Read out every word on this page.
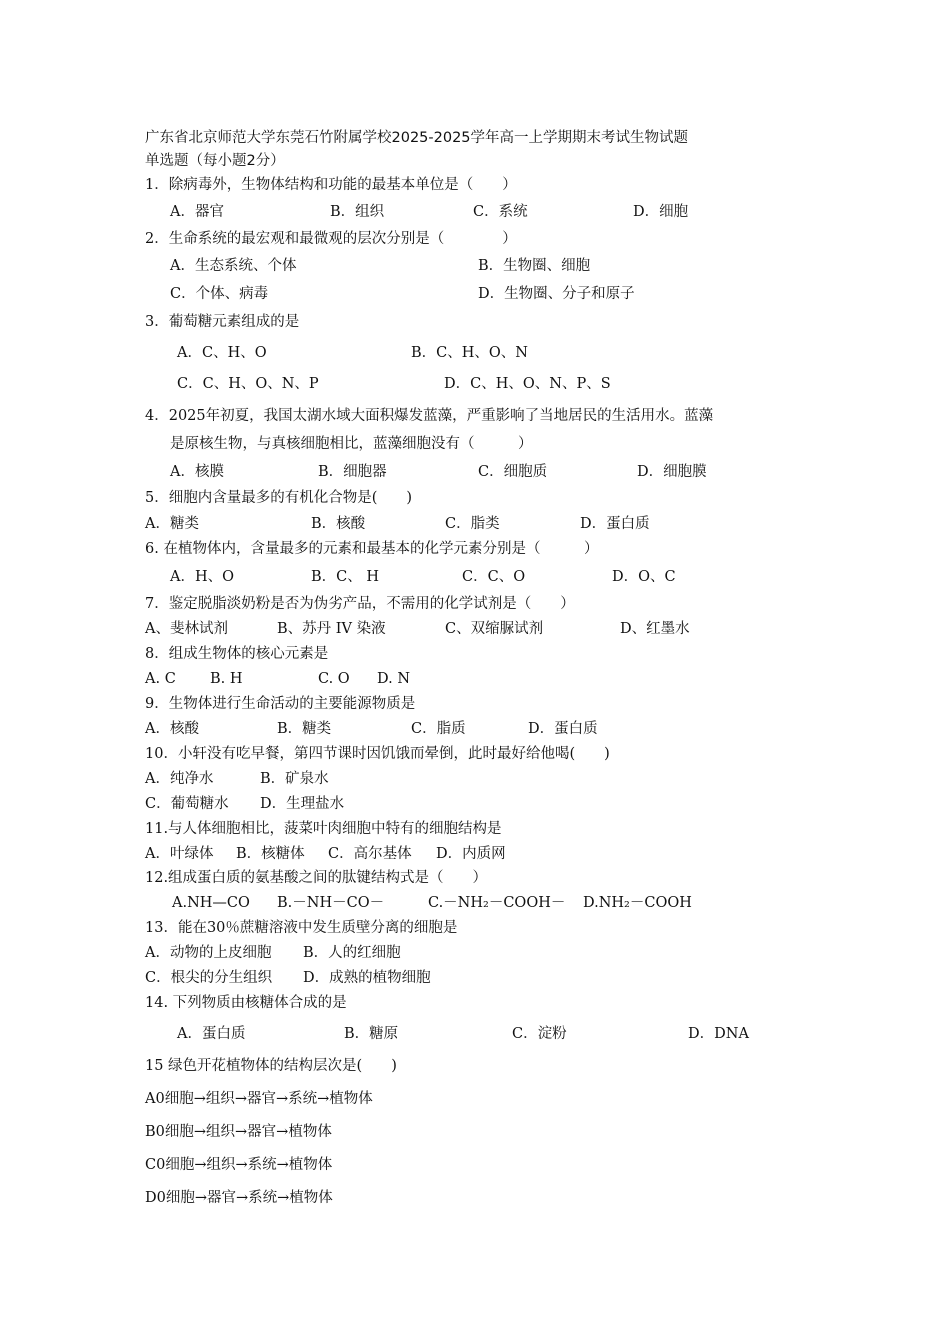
广东省北京师范大学东莞石竹附属学校2025-2025学年高一上学期期末考试生物试题
单选题（每小题2分）
1．除病毒外，生物体结构和功能的最基本单位是（　　）
A．器官	B．组织	C．系统	D．细胞
2．生命系统的最宏观和最微观的层次分别是（　　　　）
A．生态系统、个体	B．生物圈、细胞
C．个体、病毒	D．生物圈、分子和原子
3．葡萄糖元素组成的是
A．C、H、O	B．C、H、O、N
C．C、H、O、N、P	D．C、H、O、N、P、S
4．2025年初夏，我国太湖水域大面积爆发蓝藻，严重影响了当地居民的生活用水。蓝藻
是原核生物，与真核细胞相比，蓝藻细胞没有（　　　）
A．核膜	B．细胞器	C．细胞质	D．细胞膜
5．细胞内含量最多的有机化合物是(　　)
A．糖类	B．核酸	C．脂类	D．蛋白质
6. 在植物体内，含量最多的元素和最基本的化学元素分别是（　　　）
A．H、O	B．C、 H	C．C、O	D．O、C
7．鉴定脱脂淡奶粉是否为伪劣产品，不需用的化学试剂是（　　）
A、斐林试剂	B、苏丹 IV 染液	C、双缩脲试剂	D、红墨水
8．组成生物体的核心元素是
A. C B. H	C. O D. N
9．生物体进行生命活动的主要能源物质是
A．核酸	B．糖类	C．脂质	D．蛋白质
10．小轩没有吃早餐，第四节课时因饥饿而晕倒，此时最好给他喝(　　)
A．纯净水	B．矿泉水
C．葡萄糖水 D．生理盐水
11.与人体细胞相比，菠菜叶肉细胞中特有的细胞结构是
A．叶绿体 B．核糖体 C．高尔基体 D．内质网
12.组成蛋白质的氨基酸之间的肽键结构式是（　　）
A.NH—CO B.－NH－CO－	C.－NH₂－COOH－ D.NH₂－COOH
13．能在30％蔗糖溶液中发生质壁分离的细胞是
A．动物的上皮细胞 B．人的红细胞
C．根尖的分生组织 D．成熟的植物细胞
14. 下列物质由核糖体合成的是
A．蛋白质	B．糖原	C．淀粉	D．DNA
15 绿色开花植物体的结构层次是(　　)
A0细胞→组织→器官→系统→植物体
B0细胞→组织→器官→植物体
C0细胞→组织→系统→植物体
D0细胞→器官→系统→植物体
